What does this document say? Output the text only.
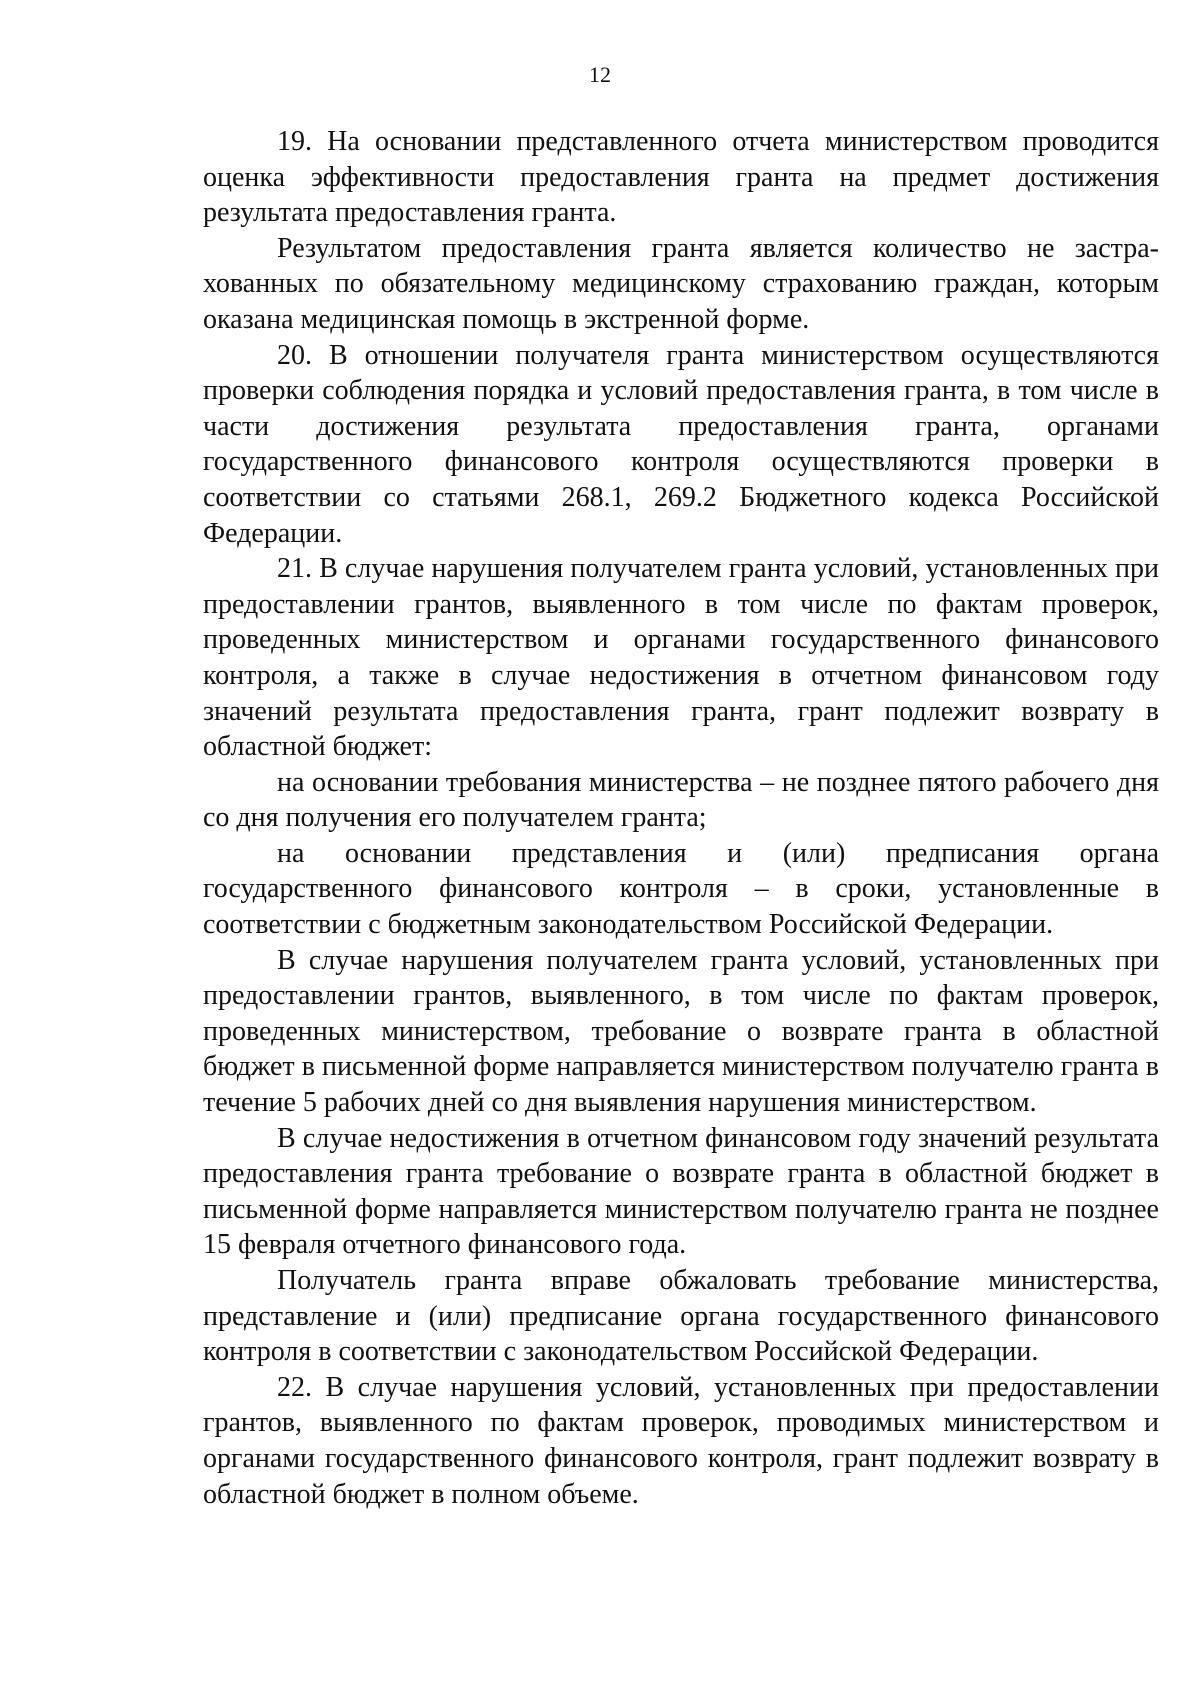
12

19. На основании представленного отчета министерством проводится оценка эффективности предоставления гранта на предмет достижения результата предоставления гранта.

Результатом предоставления гранта является количество не застрахованных по обязательному медицинскому страхованию граждан, которым оказана медицинская помощь в экстренной форме.

20. В отношении получателя гранта министерством осуществляются проверки соблюдения порядка и условий предоставления гранта, в том числе в части достижения результата предоставления гранта, органами государственного финансового контроля осуществляются проверки в соответствии со статьями 268.1, 269.2 Бюджетного кодекса Российской Федерации.

21. В случае нарушения получателем гранта условий, установленных при предоставлении грантов, выявленного в том числе по фактам проверок, проведенных министерством и органами государственного финансового контроля, а также в случае недостижения в отчетном финансовом году значений результата предоставления гранта, грант подлежит возврату в областной бюджет:

на основании требования министерства – не позднее пятого рабочего дня со дня получения его получателем гранта;

на основании представления и (или) предписания органа государственного финансового контроля – в сроки, установленные в соответствии с бюджетным законодательством Российской Федерации.

В случае нарушения получателем гранта условий, установленных при предоставлении грантов, выявленного, в том числе по фактам проверок, проведенных министерством, требование о возврате гранта в областной бюджет в письменной форме направляется министерством получателю гранта в течение 5 рабочих дней со дня выявления нарушения министерством.

В случае недостижения в отчетном финансовом году значений результата предоставления гранта требование о возврате гранта в областной бюджет в письменной форме направляется министерством получателю гранта не позднее 15 февраля отчетного финансового года.

Получатель гранта вправе обжаловать требование министерства, представление и (или) предписание органа государственного финансового контроля в соответствии с законодательством Российской Федерации.

22. В случае нарушения условий, установленных при предоставлении грантов, выявленного по фактам проверок, проводимых министерством и органами государственного финансового контроля, грант подлежит возврату в областной бюджет в полном объеме.
